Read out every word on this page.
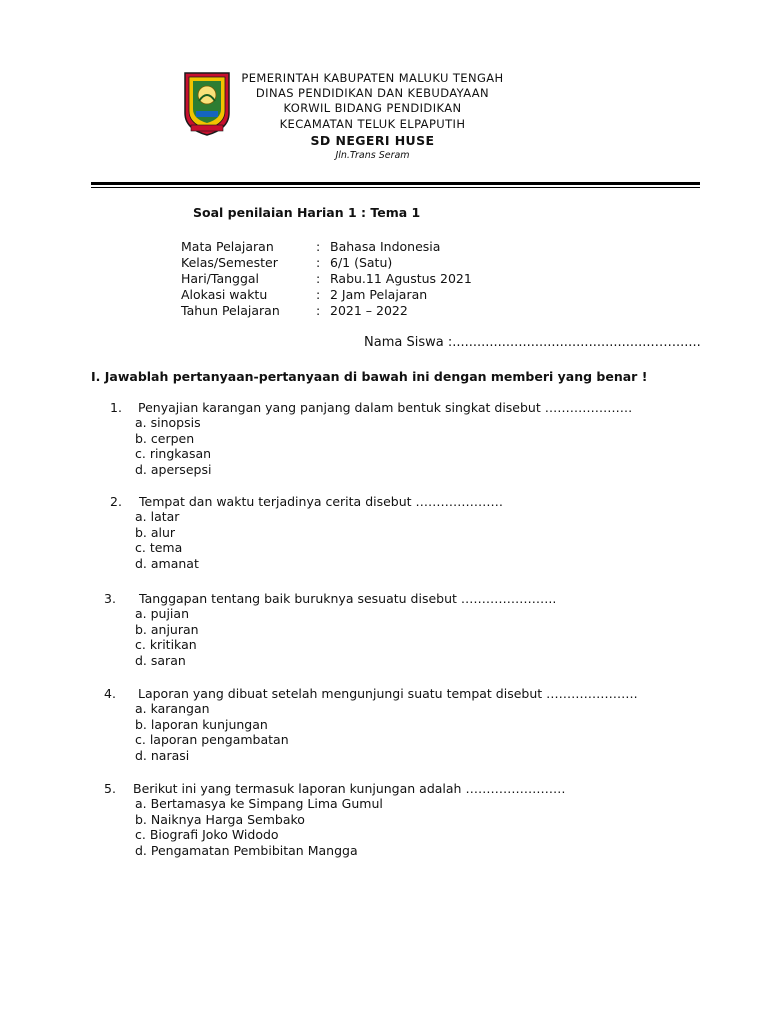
PEMERINTAH KABUPATEN MALUKU TENGAH
DINAS PENDIDIKAN DAN KEBUDAYAAN
KORWIL BIDANG PENDIDIKAN
KECAMATAN TELUK ELPAPUTIH
SD NEGERI HUSE
Jln.Trans Seram
Soal penilaian Harian 1 : Tema 1
Mata Pelajaran	: Bahasa Indonesia
Kelas/Semester	: 6/1 (Satu)
Hari/Tanggal	: Rabu.11 Agustus 2021
Alokasi waktu	: 2 Jam Pelajaran
Tahun Pelajaran	: 2021 – 2022
Nama Siswa :.................................................…........
I. Jawablah pertanyaan-pertanyaan di bawah ini dengan memberi yang benar !
1. Penyajian karangan yang panjang dalam bentuk singkat disebut …………………
a. sinopsis
b. cerpen
c. ringkasan
d. apersepsi
2. Tempat dan waktu terjadinya cerita disebut …………………
a. latar
b. alur
c. tema
d. amanat
3. Tanggapan tentang baik buruknya sesuatu disebut …………………..
a. pujian
b. anjuran
c. kritikan
d. saran
4. Laporan yang dibuat setelah mengunjungi suatu tempat disebut ………………….
a. karangan
b. laporan kunjungan
c. laporan pengambatan
d. narasi
5. Berikut ini yang termasuk laporan kunjungan adalah ……………………
a. Bertamasya ke Simpang Lima Gumul
b. Naiknya Harga Sembako
c. Biografi Joko Widodo
d. Pengamatan Pembibitan Mangga
